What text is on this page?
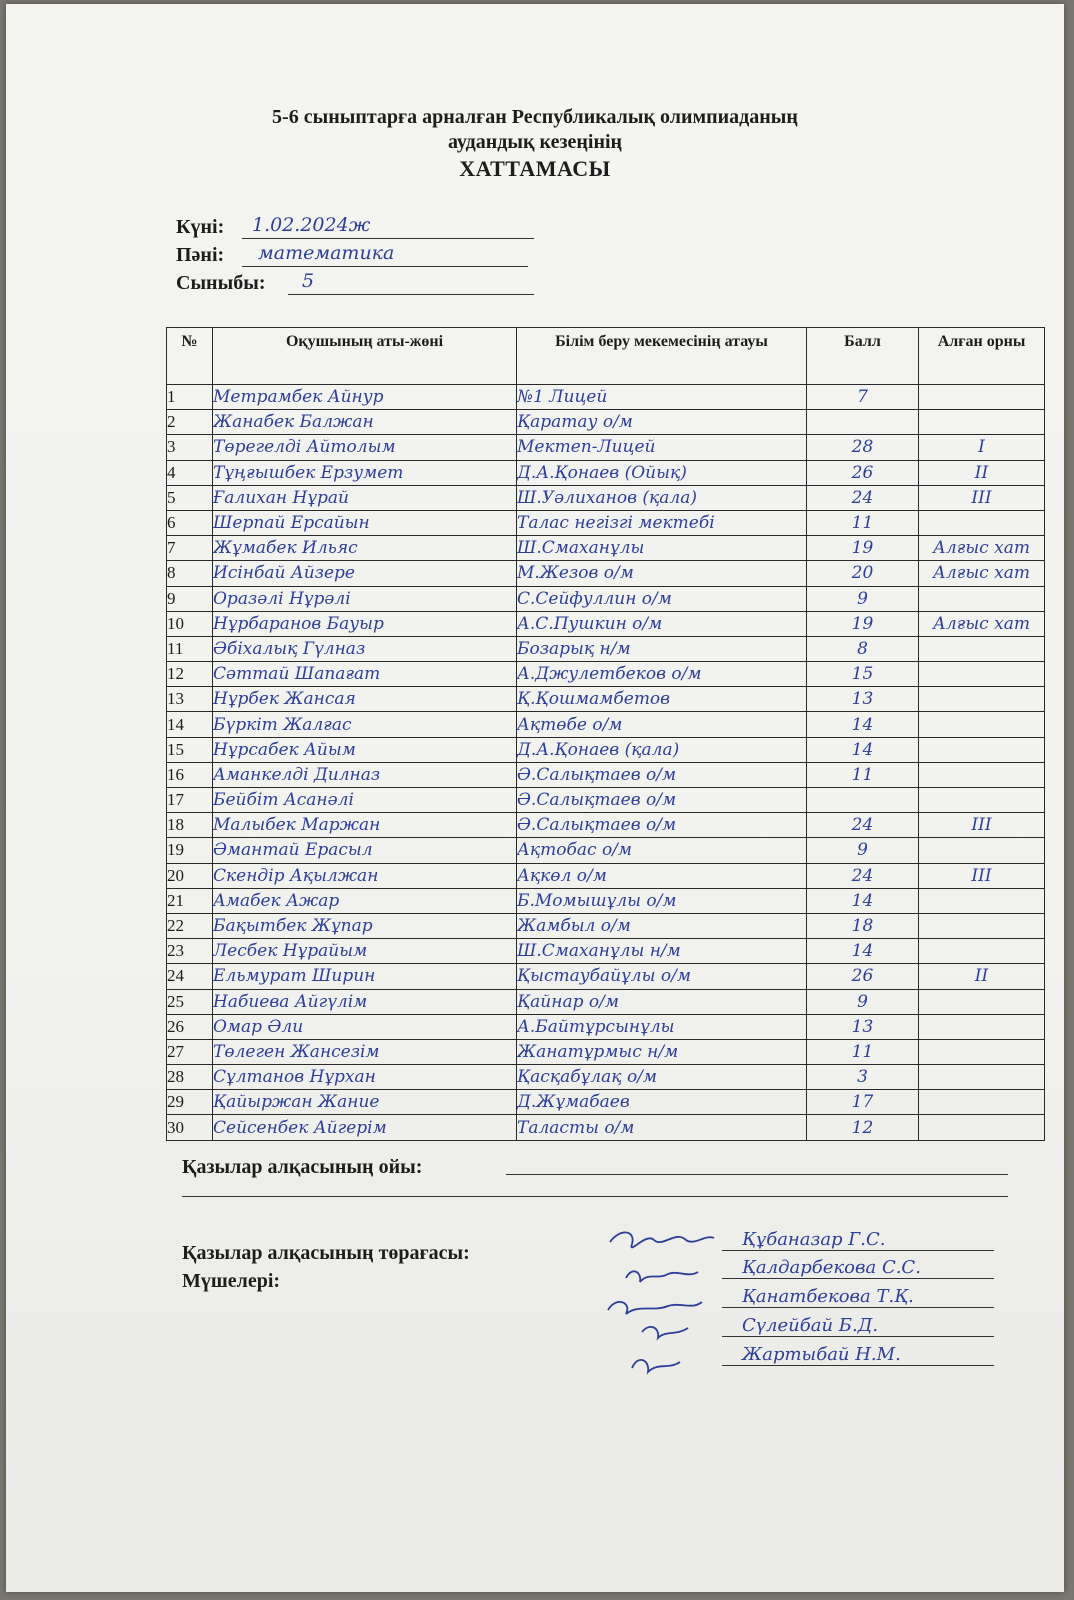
5-6 сыныптарға арналған Республикалық олимпиаданың
аудандық кезеңінің
ХАТТАМАСЫ
Күні: 1.02.2024ж
Пәні: математика
Сыныбы: 5
№	Оқушының аты-жөні	Білім беру мекемесінің атауы	Балл	Алған орны
1	Метрамбек Айнур	№1 Лицей	7	
2	Жанабек Балжан	Қаратау о/м		
3	Төрегелді Айтолым	Мектеп-Лицей	28	I
4	Тұңғышбек Ерзумет	Д.А.Қонаев (Ойық)	26	II
5	Ғалихан Нұрай	Ш.Уәлиханов (қала)	24	III
6	Шерпай Ерсайын	Талас негізгі мектебі	11	
7	Жұмабек Ильяс	Ш.Смаханұлы	19	Алғыс хат
8	Исінбай Айзере	М.Жезов о/м	20	Алғыс хат
9	Оразәлі Нұрәлі	С.Сейфуллин о/м	9	
10	Нұрбаранов Бауыр	А.С.Пушкин о/м	19	Алғыс хат
11	Әбіхалық Гүлназ	Бозарық н/м	8	
12	Сәттай Шапағат	А.Джулетбеков о/м	15	
13	Нұрбек Жансая	Қ.Қошмамбетов	13	
14	Бүркіт Жалғас	Ақтөбе о/м	14	
15	Нұрсабек Айым	Д.А.Қонаев (қала)	14	
16	Аманкелді Дилназ	Ә.Салықтаев о/м	11	
17	Бейбіт Асанәлі	Ә.Салықтаев о/м		
18	Малыбек Маржан	Ә.Салықтаев о/м	24	III
19	Әмантай Ерасыл	Ақтобас о/м	9	
20	Скендір Ақылжан	Ақкөл о/м	24	III
21	Амабек Ажар	Б.Момышұлы о/м	14	
22	Бақытбек Жұпар	Жамбыл о/м	18	
23	Лесбек Нұрайым	Ш.Смаханұлы н/м	14	
24	Ельмурат Ширин	Қыстаубайұлы о/м	26	II
25	Набиева Айгүлім	Қайнар о/м	9	
26	Омар Әли	А.Байтұрсынұлы	13	
27	Төлеген Жансезім	Жанатұрмыс н/м	11	
28	Сұлтанов Нұрхан	Қасқабұлақ о/м	3	
29	Қайыржан Жание	Д.Жұмабаев	17	
30	Сейсенбек Айгерім	Таласты о/м	12	
Қазылар алқасының ойы:
Қазылар алқасының төрағасы:
Мүшелері:
Құбаназар Г.С.
Қалдарбекова С.С.
Қанатбекова Т.Қ.
Сүлейбай Б.Д.
Жартыбай Н.М.
